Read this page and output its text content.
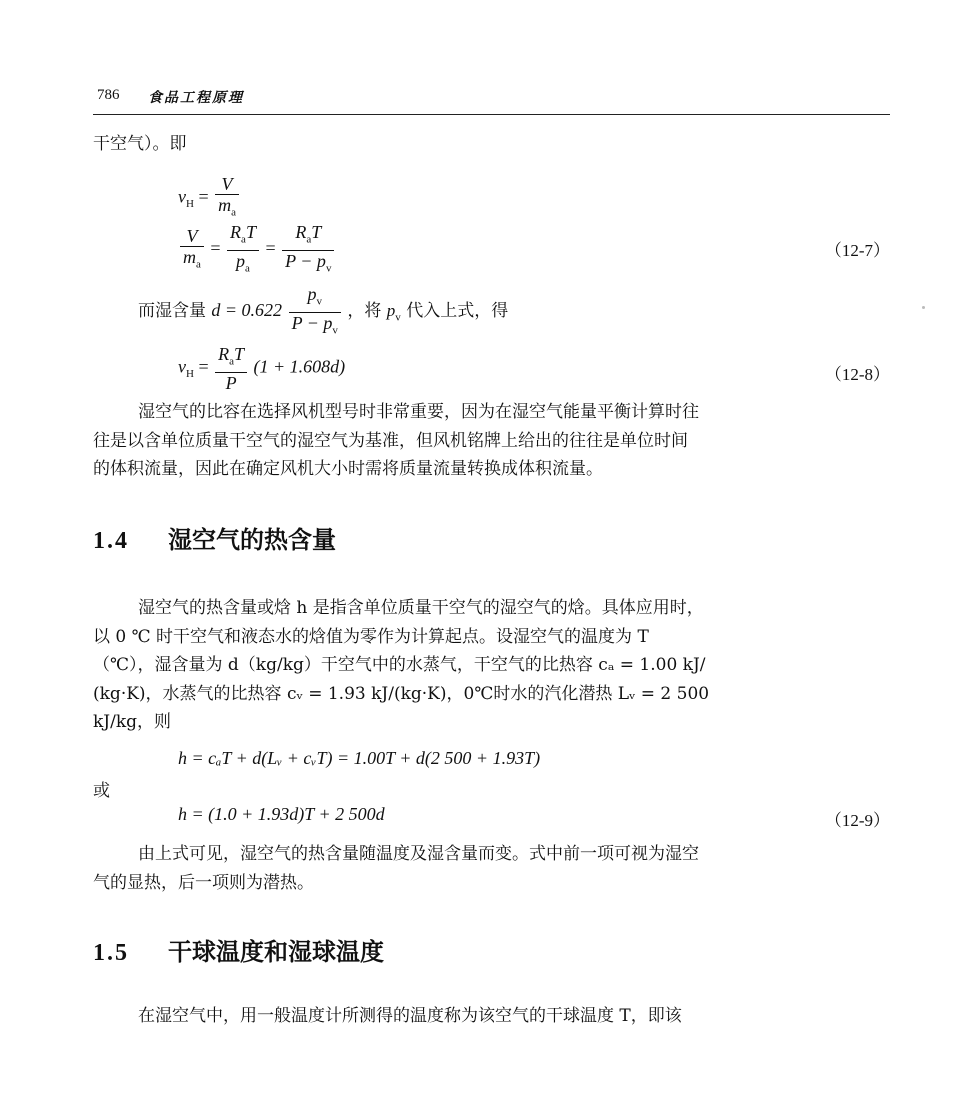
786 食品工程原理
干空气）。即
$v_H = \frac{V}{m_a}$
$\frac{V}{m_a} = \frac{R_aT}{p_a} = \frac{R_aT}{P - p_v}$	（12-7）
而湿含量 $d = 0.622 \frac{p_v}{P - p_v}$ ，将 $p_v$ 代入上式，得
$v_H = \frac{R_aT}{P} (1 + 1.608d)$	（12-8）
湿空气的比容在选择风机型号时非常重要，因为在湿空气能量平衡计算时往
往是以含单位质量干空气的湿空气为基准，但风机铭牌上给出的往往是单位时间
的体积流量，因此在确定风机大小时需将质量流量转换成体积流量。
1.4 湿空气的热含量
湿空气的热含量或焓 h 是指含单位质量干空气的湿空气的焓。具体应用时，
以 0 ℃ 时干空气和液态水的焓值为零作为计算起点。设湿空气的温度为 T
（℃），湿含量为 d（kg/kg）干空气中的水蒸气，干空气的比热容 cₐ = 1.00 kJ/
(kg·K)，水蒸气的比热容 cᵥ = 1.93 kJ/(kg·K)，0℃时水的汽化潜热 Lᵥ = 2 500
kJ/kg，则
h = cₐT + d(Lᵥ + cᵥT) = 1.00T + d(2 500 + 1.93T)
或
h = (1.0 + 1.93d)T + 2 500d	（12-9）
由上式可见，湿空气的热含量随温度及湿含量而变。式中前一项可视为湿空
气的显热，后一项则为潜热。
1.5 干球温度和湿球温度
在湿空气中，用一般温度计所测得的温度称为该空气的干球温度 T，即该
